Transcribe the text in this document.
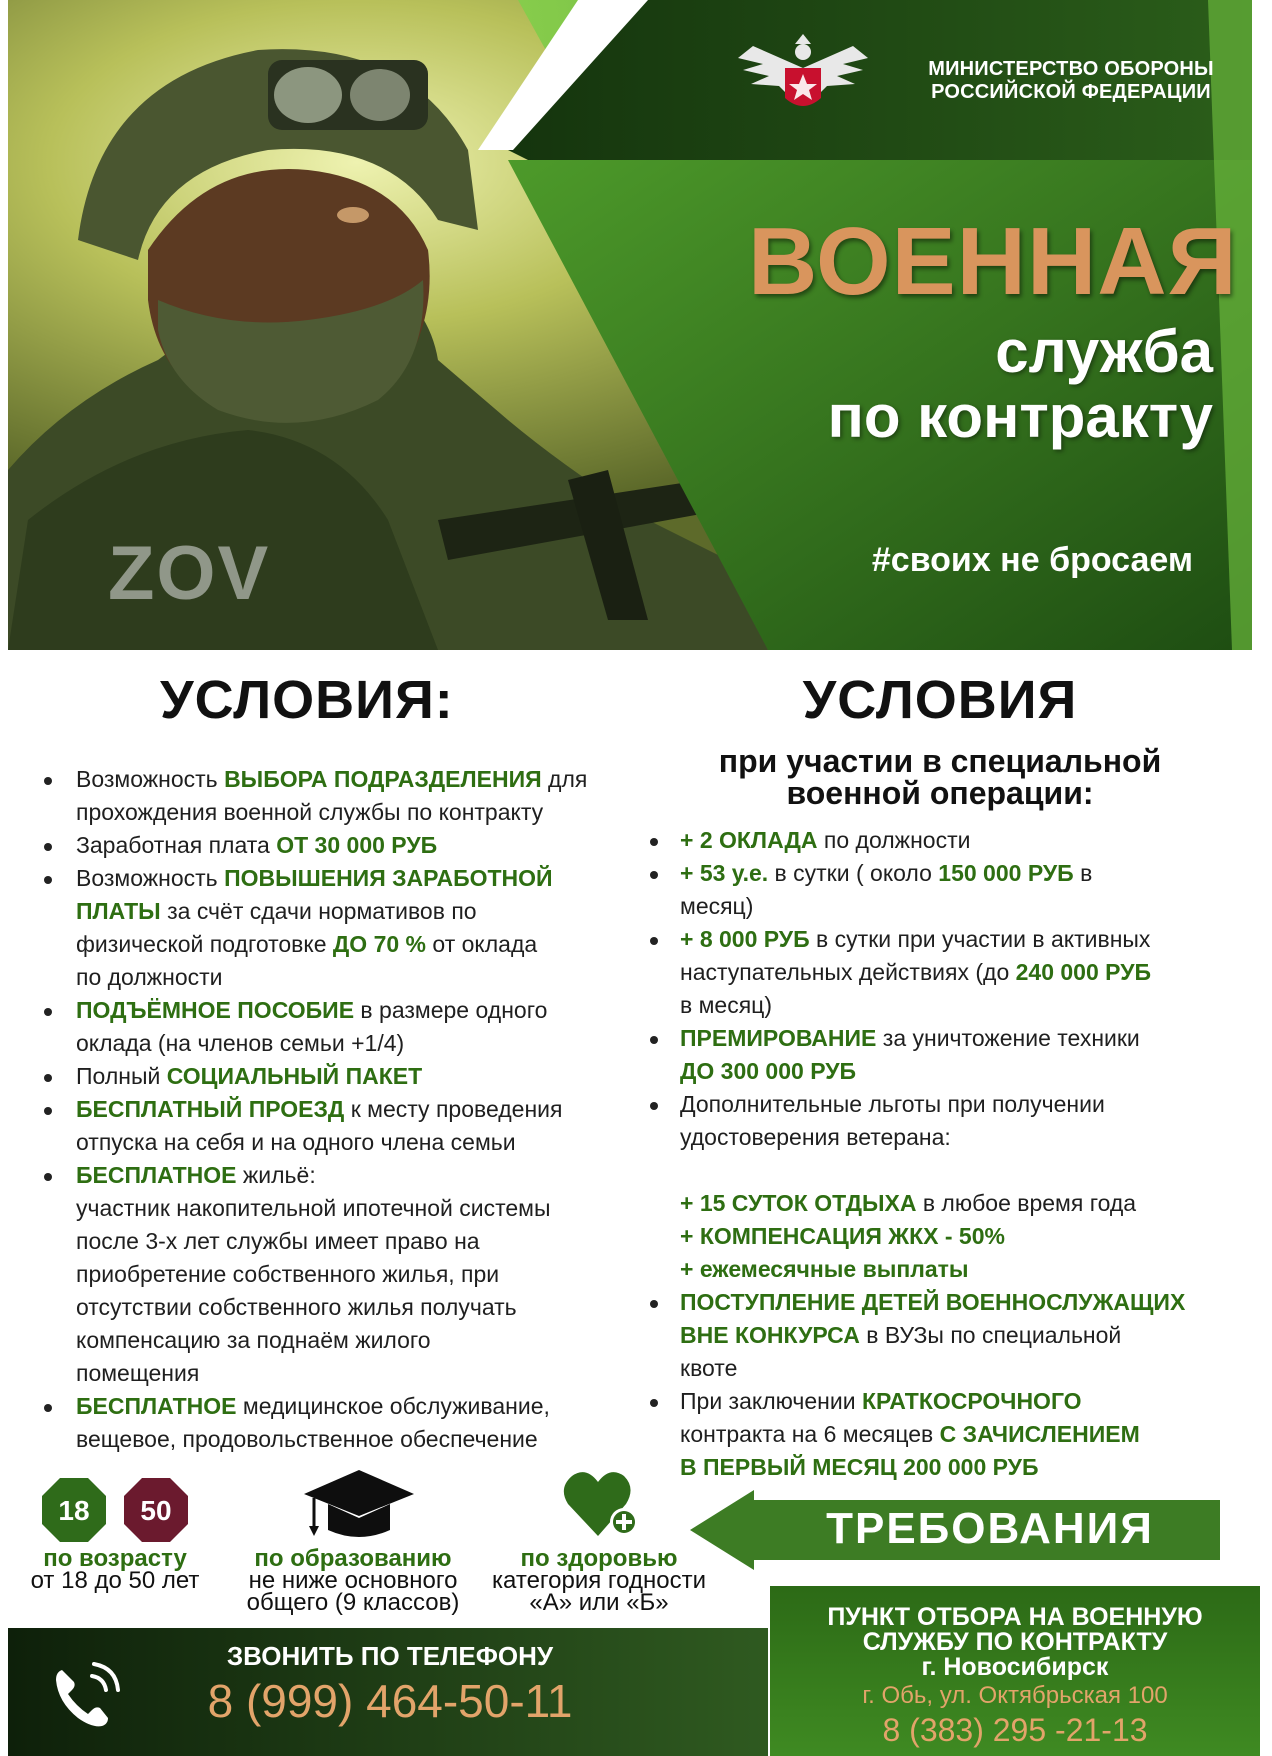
МИНИСТЕРСТВО ОБОРОНЫ РОССИЙСКОЙ ФЕДЕРАЦИИ
ВОЕННАЯ
служба
по контракту
#своих не бросаем
ZOV
УСЛОВИЯ:
Возможность ВЫБОРА ПОДРАЗДЕЛЕНИЯ для
прохождения военной службы по контракту
Заработная плата ОТ 30 000 РУБ
Возможность ПОВЫШЕНИЯ ЗАРАБОТНОЙ
ПЛАТЫ за счёт сдачи нормативов по
физической подготовке ДО 70 % от оклада
по должности
ПОДЪЁМНОЕ ПОСОБИЕ в размере одного
оклада (на членов семьи +1/4)
Полный СОЦИАЛЬНЫЙ ПАКЕТ
БЕСПЛАТНЫЙ ПРОЕЗД к месту проведения
отпуска на себя и на одного члена семьи
БЕСПЛАТНОЕ жильё:
участник накопительной ипотечной системы
после 3-х лет службы имеет право на
приобретение собственного жилья, при
отсутствии собственного жилья получать
компенсацию за поднаём жилого
помещения
БЕСПЛАТНОЕ медицинское обслуживание,
вещевое, продовольственное обеспечение
УСЛОВИЯ
при участии в специальной
военной операции:
+ 2 ОКЛАДА по должности
+ 53 у.е. в сутки ( около 150 000 РУБ в
месяц)
+ 8 000 РУБ в сутки при участии в активных
наступательных действиях (до 240 000 РУБ
в месяц)
ПРЕМИРОВАНИЕ за уничтожение техники
ДО 300 000 РУБ
Дополнительные льготы при получении
удостоверения ветерана:
+ 15 СУТОК ОТДЫХА в любое время года
+ КОМПЕНСАЦИЯ ЖКХ - 50%
+ ежемесячные выплаты
ПОСТУПЛЕНИЕ ДЕТЕЙ ВОЕННОСЛУЖАЩИХ
ВНЕ КОНКУРСА в ВУЗы по специальной
квоте
При заключении КРАТКОСРОЧНОГО
контракта на 6 месяцев С ЗАЧИСЛЕНИЕМ
В ПЕРВЫЙ МЕСЯЦ 200 000 РУБ
18 50
по возрасту
от 18 до 50 лет
по образованию
не ниже основного
общего (9 классов)
по здоровью
категория годности
«А» или «Б»
ТРЕБОВАНИЯ
ЗВОНИТЬ ПО ТЕЛЕФОНУ
8 (999) 464-50-11
ПУНКТ ОТБОРА НА ВОЕННУЮ
СЛУЖБУ ПО КОНТРАКТУ
г. Новосибирск
г. Обь, ул. Октябрьская 100
8 (383) 295 -21-13
